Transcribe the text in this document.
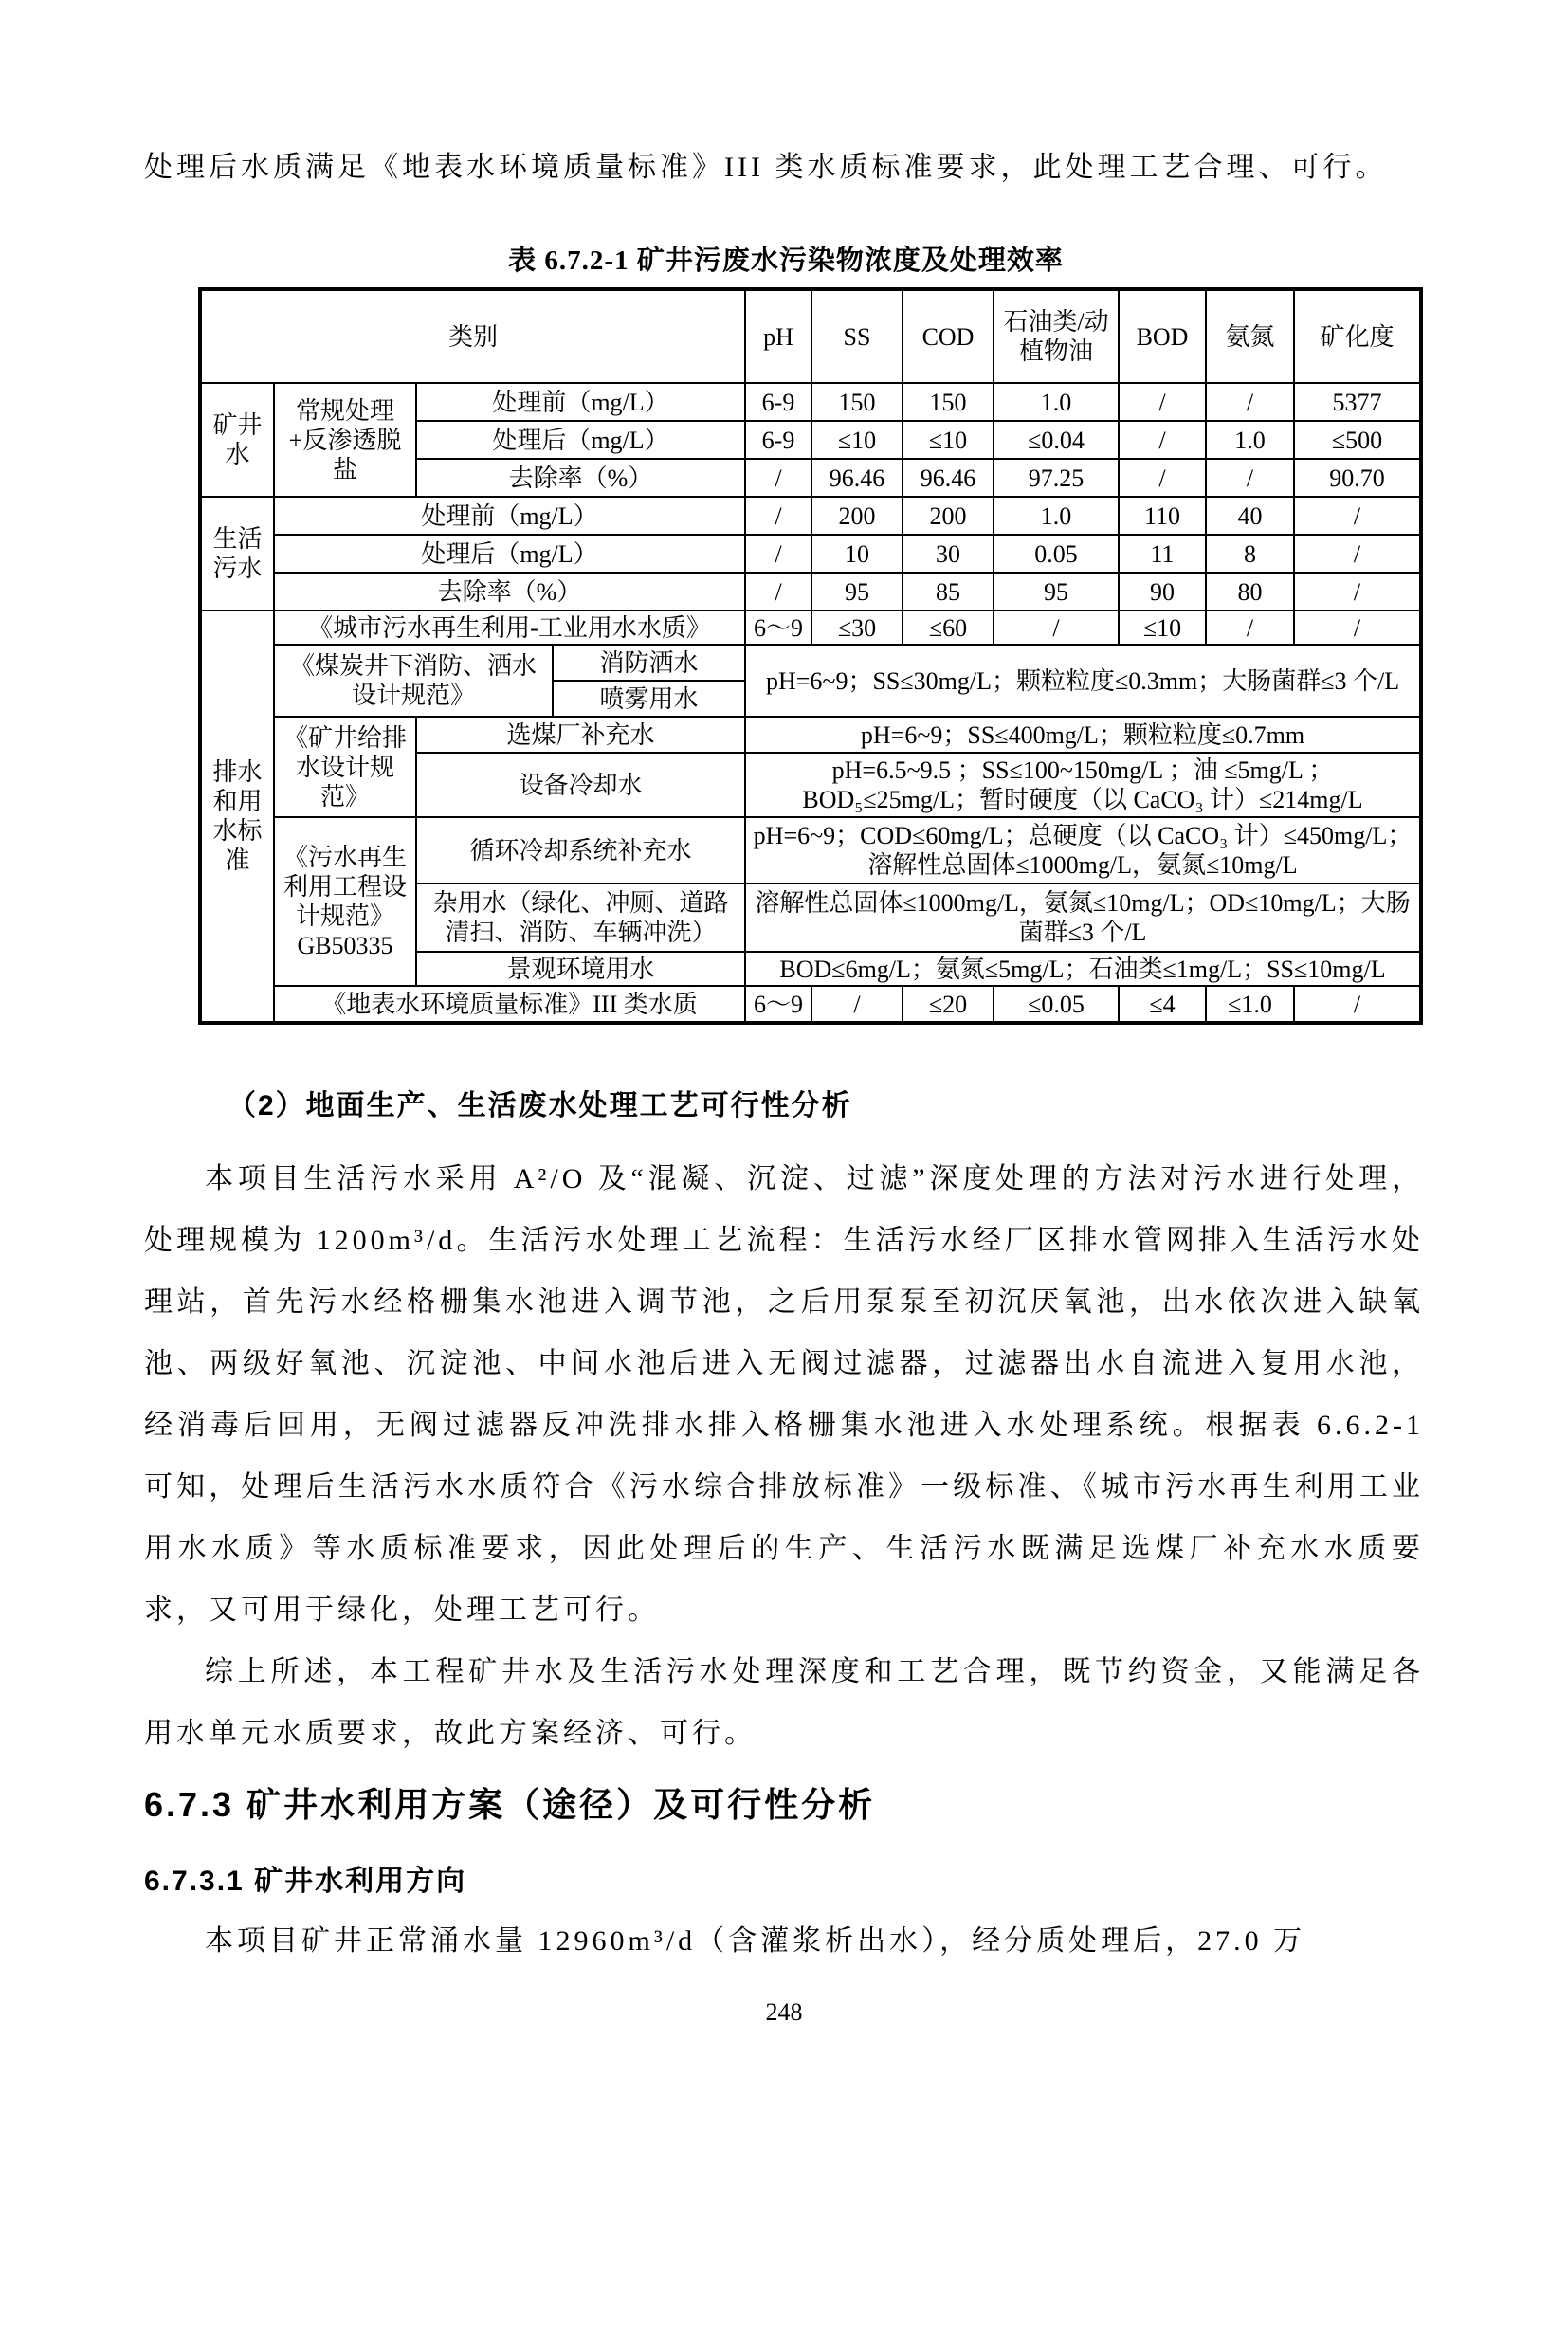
处理后水质满足《地表水环境质量标准》III 类水质标准要求，此处理工艺合理、可行。

表 6.7.2-1 矿井污废水污染物浓度及处理效率
类别				pH	SS	COD	石油类/动植物油	BOD	氨氮	矿化度
矿井水	常规处理+反渗透脱盐	处理前（mg/L）		6-9	150	150	1.0	/	/	5377
		处理后（mg/L）		6-9	≤10	≤10	≤0.04	/	1.0	≤500
		去除率（%）		/	96.46	96.46	97.25	/	/	90.70
生活污水	处理前（mg/L）			/	200	200	1.0	110	40	/
	处理后（mg/L）			/	10	30	0.05	11	8	/
	去除率（%）			/	95	85	95	90	80	/
排水和用水标准	《城市污水再生利用-工业用水水质》			6～9	≤30	≤60	/	≤10	/	/
	《煤炭井下消防、洒水设计规范》		消防洒水	pH=6~9；SS≤30mg/L；颗粒粒度≤0.3mm；大肠菌群≤3 个/L						
			喷雾用水							
	《矿井给排水设计规范》	选煤厂补充水		pH=6~9；SS≤400mg/L；颗粒粒度≤0.7mm						
		设备冷却水		pH=6.5~9.5 ；SS≤100~150mg/L ；油 ≤5mg/L ；BOD₅≤25mg/L；暂时硬度（以 CaCO₃ 计）≤214mg/L						
	《污水再生利用工程设计规范》GB50335	循环冷却系统补充水		pH=6~9；COD≤60mg/L；总硬度（以 CaCO₃ 计）≤450mg/L；溶解性总固体≤1000mg/L，氨氮≤10mg/L						
		杂用水（绿化、冲厕、道路清扫、消防、车辆冲洗）		溶解性总固体≤1000mg/L，氨氮≤10mg/L；OD≤10mg/L；大肠菌群≤3 个/L						
		景观环境用水		BOD≤6mg/L；氨氮≤5mg/L；石油类≤1mg/L；SS≤10mg/L						
	《地表水环境质量标准》III 类水质			6～9	/	≤20	≤0.05	≤4	≤1.0	/
（2）地面生产、生活废水处理工艺可行性分析

本项目生活污水采用 A²/O 及“混凝、沉淀、过滤”深度处理的方法对污水进行处理，处理规模为 1200m³/d。生活污水处理工艺流程：生活污水经厂区排水管网排入生活污水处理站，首先污水经格栅集水池进入调节池，之后用泵泵至初沉厌氧池，出水依次进入缺氧池、两级好氧池、沉淀池、中间水池后进入无阀过滤器，过滤器出水自流进入复用水池，经消毒后回用，无阀过滤器反冲洗排水排入格栅集水池进入水处理系统。根据表 6.6.2-1 可知，处理后生活污水水质符合《污水综合排放标准》一级标准、《城市污水再生利用工业用水水质》等水质标准要求，因此处理后的生产、生活污水既满足选煤厂补充水水质要求，又可用于绿化，处理工艺可行。

综上所述，本工程矿井水及生活污水处理深度和工艺合理，既节约资金，又能满足各用水单元水质要求，故此方案经济、可行。

6.7.3 矿井水利用方案（途径）及可行性分析
6.7.3.1 矿井水利用方向

本项目矿井正常涌水量 12960m³/d（含灌浆析出水），经分质处理后，27.0 万

248
